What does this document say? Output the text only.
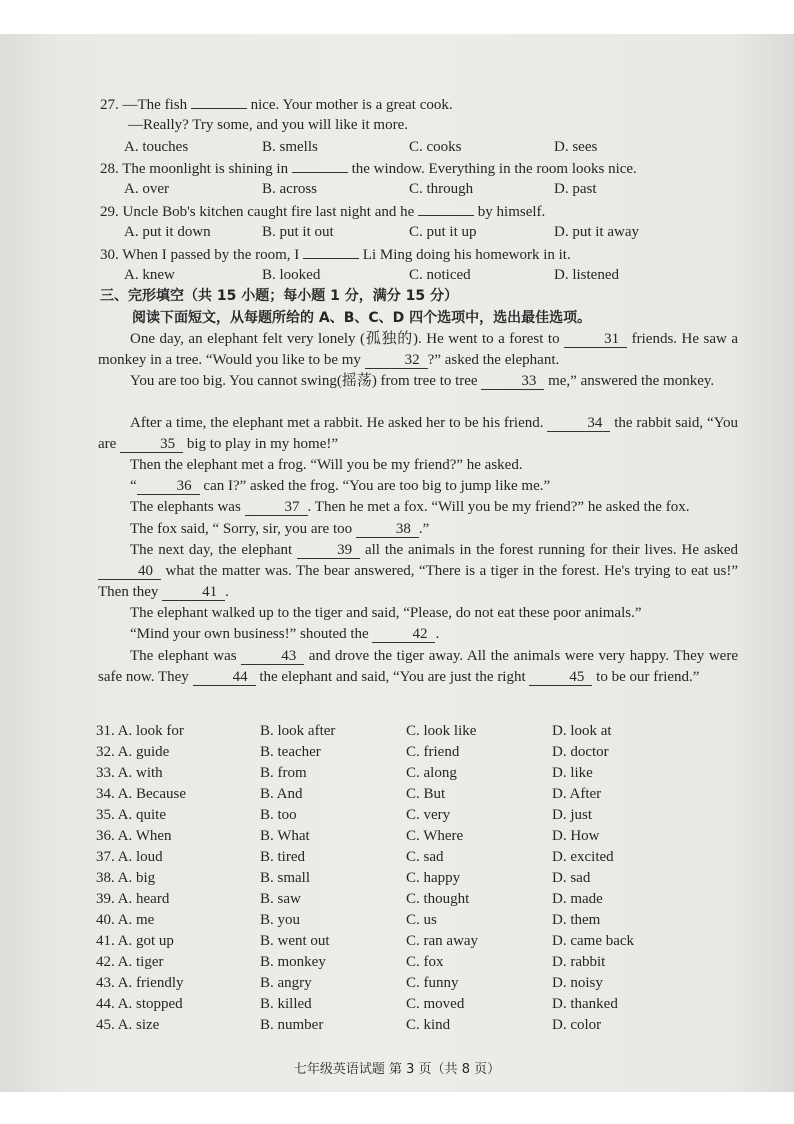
27. —The fish	nice. Your mother is a great cook.
—Really? Try some, and you will like it more.
A. touches	B. smells	C. cooks	D. sees
28. The moonlight is shining in	the window. Everything in the room looks nice.
A. over	B. across	C. through	D. past
29. Uncle Bob's kitchen caught fire last night and he	by himself.
A. put it down	B. put it out	C. put it up	D. put it away
30. When I passed by the room, I	Li Ming doing his homework in it.
A. knew	B. looked	C. noticed	D. listened
三、完形填空（共 15 小题；每小题 1 分，满分 15 分）
阅读下面短文，从每题所给的 A、B、C、D 四个选项中，选出最佳选项。
One day, an elephant felt very lonely (孤独的). He went to a forest to	31 friends. He saw a monkey in a tree. “Would you like to be my	32 ?” asked the elephant.
You are too big. You cannot swing(摇荡) from tree to tree	33 me,” answered the monkey.
After a time, the elephant met a rabbit. He asked her to be his friend.	34 the rabbit said, “You are	35 big to play in my home!”
Then the elephant met a frog. “Will you be my friend?” he asked.
“	36 can I?” asked the frog. “You are too big to jump like me.”
The elephants was	37 . Then he met a fox. “Will you be my friend?” he asked the fox.
The fox said, “ Sorry, sir, you are too	38 .”
The next day, the elephant	39 all the animals in the forest running for their lives. He asked 40 what the matter was. The bear answered, “There is a tiger in the forest. He's trying to eat us!” Then they	41 .
The elephant walked up to the tiger and said, “Please, do not eat these poor animals.”
“Mind your own business!” shouted the	42 .
The elephant was	43 and drove the tiger away. All the animals were very happy. They were safe now. They	44 the elephant and said, “You are just the right	45 to be our friend.”
31. A. look for	B. look after	C. look like	D. look at
32. A. guide	B. teacher	C. friend	D. doctor
33. A. with	B. from	C. along	D. like
34. A. Because	B. And	C. But	D. After
35. A. quite	B. too	C. very	D. just
36. A. When	B. What	C. Where	D. How
37. A. loud	B. tired	C. sad	D. excited
38. A. big	B. small	C. happy	D. sad
39. A. heard	B. saw	C. thought	D. made
40. A. me	B. you	C. us	D. them
41. A. got up	B. went out	C. ran away	D. came back
42. A. tiger	B. monkey	C. fox	D. rabbit
43. A. friendly	B. angry	C. funny	D. noisy
44. A. stopped	B. killed	C. moved	D. thanked
45. A. size	B. number	C. kind	D. color
七年级英语试题 第 3 页（共 8 页）
